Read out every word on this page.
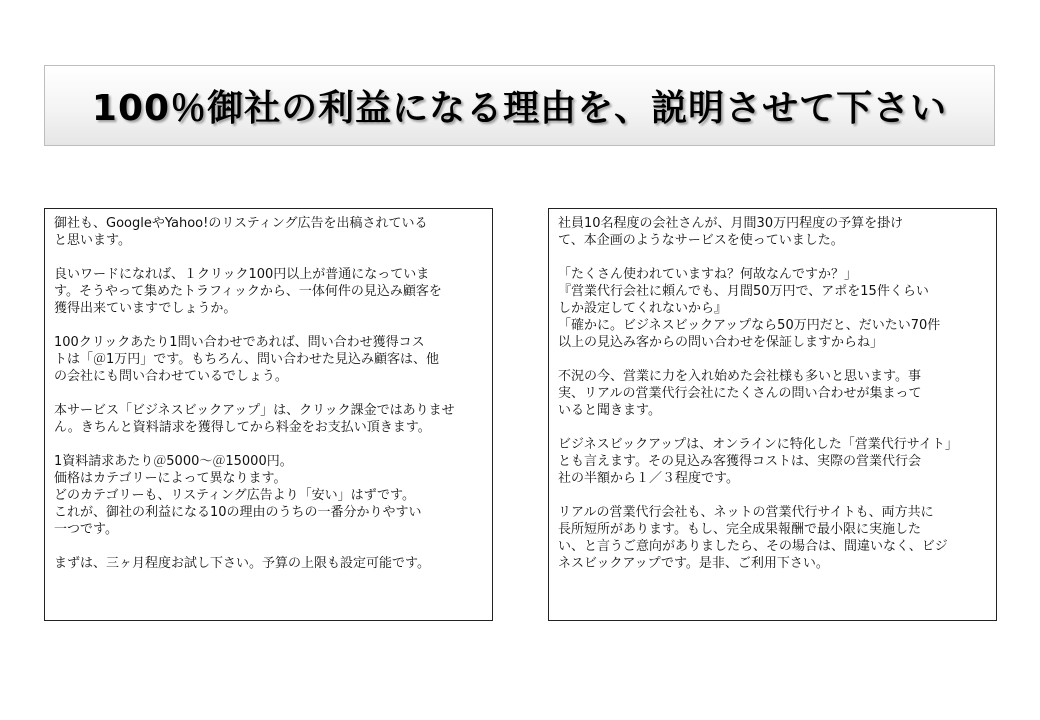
100％御社の利益になる理由を、説明させて下さい

御社も、GoogleやYahoo!のリスティング広告を出稿されている
と思います。

良いワードになれば、１クリック100円以上が普通になっていま
す。そうやって集めたトラフィックから、一体何件の見込み顧客を
獲得出来ていますでしょうか。

100クリックあたり1問い合わせであれば、問い合わせ獲得コス
トは「＠1万円」です。もちろん、問い合わせた見込み顧客は、他
の会社にも問い合わせているでしょう。

本サービス「ビジネスビックアップ」は、クリック課金ではありませ
ん。きちんと資料請求を獲得してから料金をお支払い頂きます。

1資料請求あたり＠5000～＠15000円。
価格はカテゴリーによって異なります。
どのカテゴリーも、リスティング広告より「安い」はずです。
これが、御社の利益になる10の理由のうちの一番分かりやすい
一つです。

まずは、三ヶ月程度お試し下さい。予算の上限も設定可能です。

社員10名程度の会社さんが、月間30万円程度の予算を掛け
て、本企画のようなサービスを使っていました。

「たくさん使われていますね？何故なんですか？」
『営業代行会社に頼んでも、月間50万円で、アポを15件くらい
しか設定してくれないから』
「確かに。ビジネスビックアップなら50万円だと、だいたい70件
以上の見込み客からの問い合わせを保証しますからね」

不況の今、営業に力を入れ始めた会社様も多いと思います。事
実、リアルの営業代行会社にたくさんの問い合わせが集まって
いると聞きます。

ビジネスビックアップは、オンラインに特化した「営業代行サイト」
とも言えます。その見込み客獲得コストは、実際の営業代行会
社の半額から１／３程度です。

リアルの営業代行会社も、ネットの営業代行サイトも、両方共に
長所短所があります。もし、完全成果報酬で最小限に実施した
い、と言うご意向がありましたら、その場合は、間違いなく、ビジ
ネスビックアップです。是非、ご利用下さい。
